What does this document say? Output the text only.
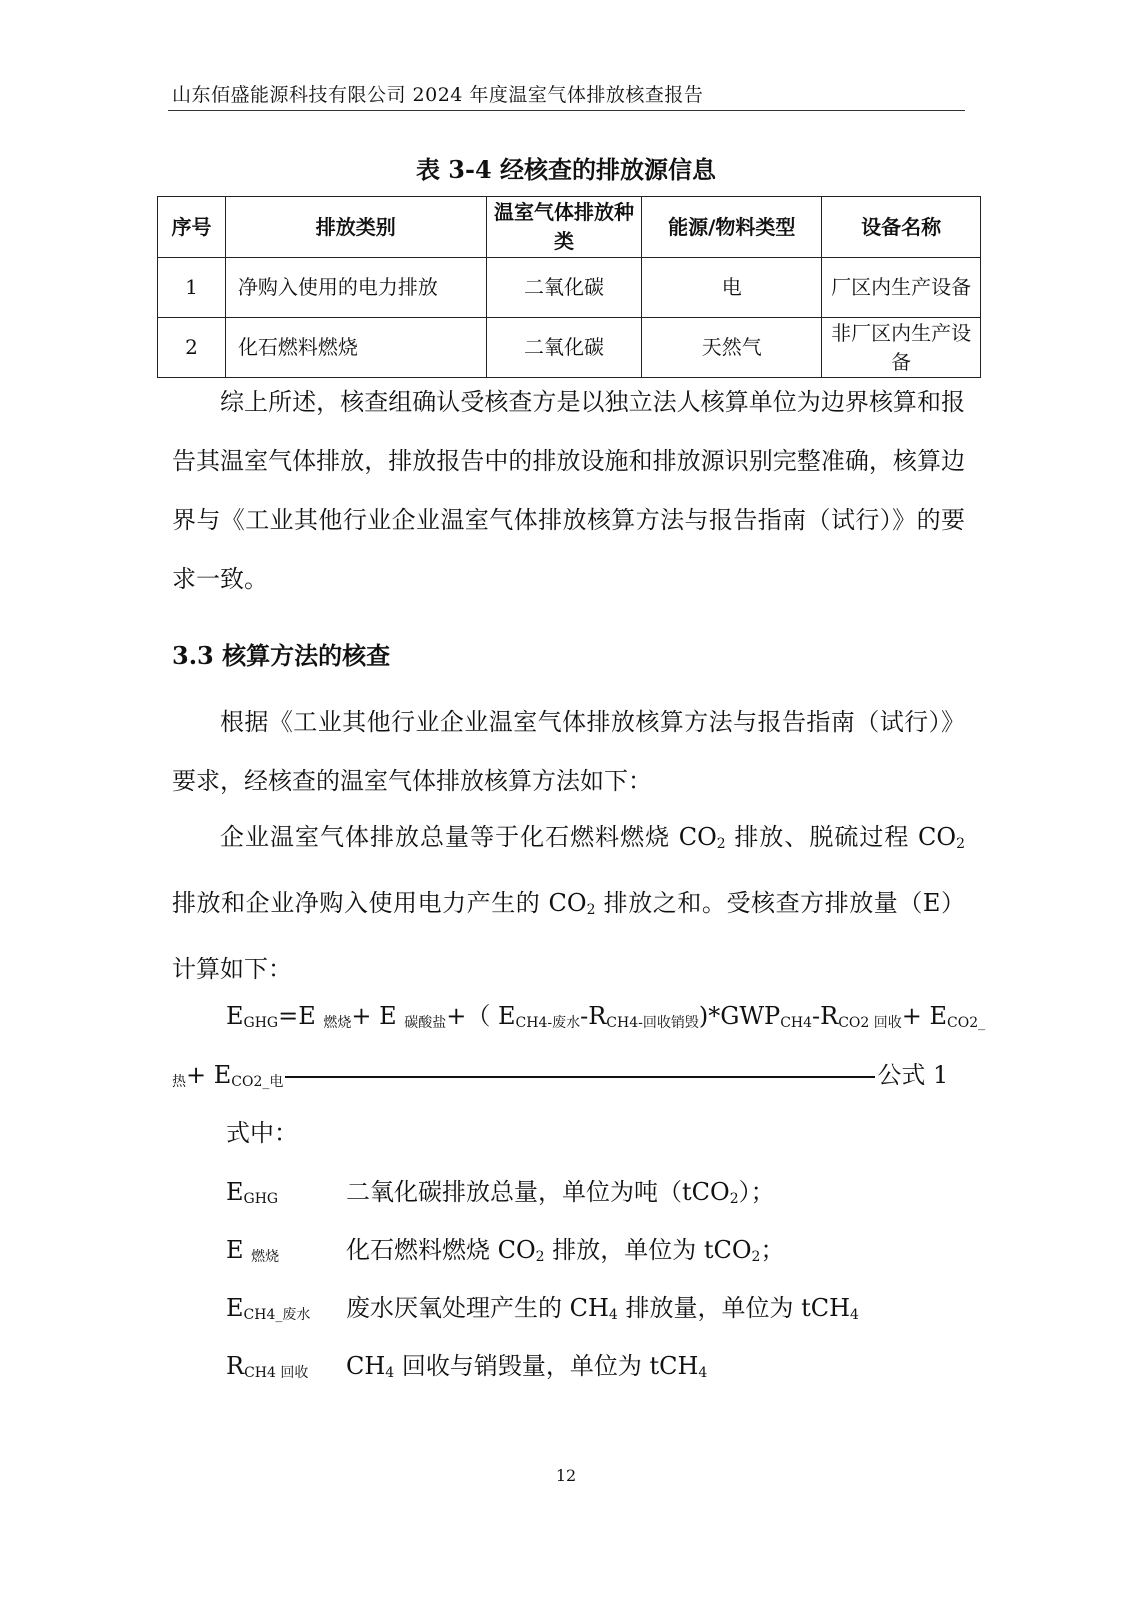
山东佰盛能源科技有限公司 2024 年度温室气体排放核查报告
表 3-4 经核查的排放源信息
序号	排放类别	温室气体排放种类	能源/物料类型	设备名称
1	净购入使用的电力排放	二氧化碳	电	厂区内生产设备
2	化石燃料燃烧	二氧化碳	天然气	非厂区内生产设备
综上所述，核查组确认受核查方是以独立法人核算单位为边界核算和报告其温室气体排放，排放报告中的排放设施和排放源识别完整准确，核算边界与《工业其他行业企业温室气体排放核算方法与报告指南（试行）》的要求一致。
3.3 核算方法的核查
根据《工业其他行业企业温室气体排放核算方法与报告指南（试行）》要求，经核查的温室气体排放核算方法如下：
企业温室气体排放总量等于化石燃料燃烧 $CO_2$ 排放、脱硫过程 $CO_2$ 排放和企业净购入使用电力产生的 $CO_2$ 排放之和。受核查方排放量（E）计算如下：
$E_{GHG}=E$ $_{燃烧}$+ E $_{碳酸盐}$+（ $E_{CH4-废水}-R_{CH4-回收销毁})*GWP_{CH4}-R_{CO2 回收}+ E_{CO2\_}$
$_热+ E_{CO2\_电}$	公式 1
式中：
$E_{GHG}$	二氧化碳排放总量，单位为吨（tCO$_2$）；
E $_{燃烧}$	化石燃料燃烧 $CO_2$ 排放，单位为 tCO$_2$；
$E_{CH4\_废水}$ 废水厌氧处理产生的 $CH_4$ 排放量，单位为 tCH$_4$
$R_{CH4 回收}$ $CH_4$ 回收与销毁量，单位为 tCH$_4$
12
